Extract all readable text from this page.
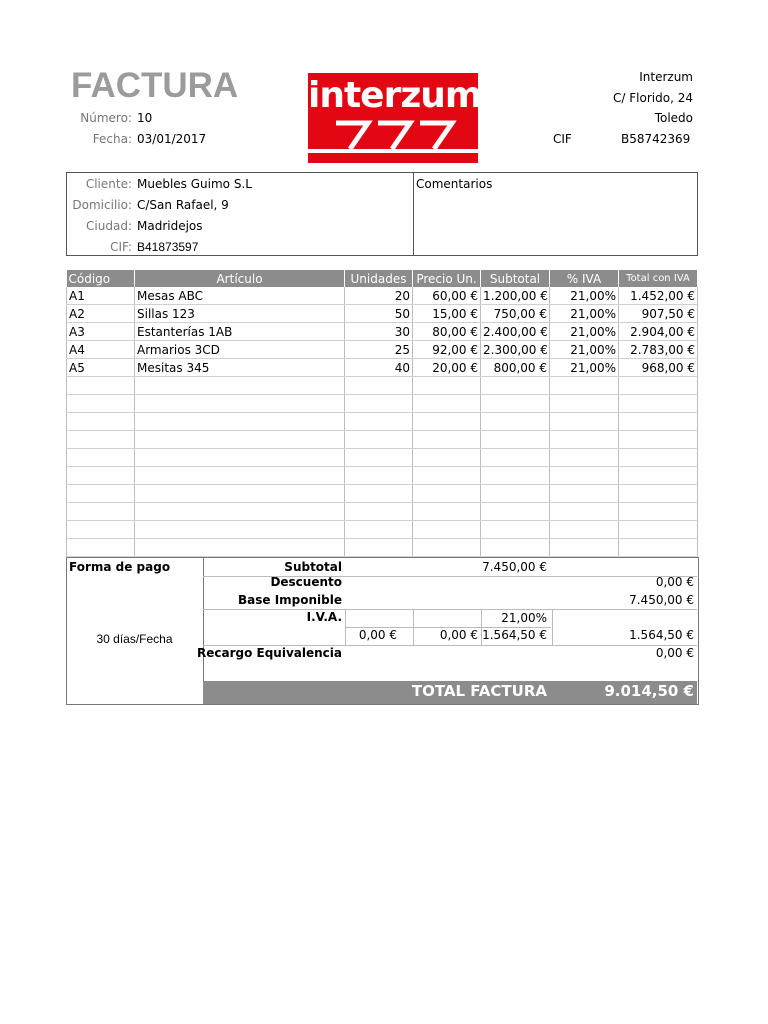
FACTURA
Número: 10
Fecha: 03/01/2017
interzum	Interzum
C/ Florido, 24
Toledo
CIF	B58742369
Cliente: Muebles Guimo S.L
Domicilio: C/San Rafael, 9
Ciudad: Madridejos
CIF: B41873597
Comentarios
Código	Artículo	Unidades	Precio Un.	Subtotal	% IVA	Total con IVA
A1	Mesas ABC	20	60,00 €	1.200,00 €	21,00%	1.452,00 €
A2	Sillas 123	50	15,00 €	750,00 €	21,00%	907,50 €
A3	Estanterías 1AB	30	80,00 €	2.400,00 €	21,00%	2.904,00 €
A4	Armarios 3CD	25	92,00 €	2.300,00 €	21,00%	2.783,00 €
A5	Mesitas 345	40	20,00 €	800,00 €	21,00%	968,00 €

Forma de pago
30 días/Fecha
Subtotal	7.450,00 €
Descuento	0,00 €
Base Imponible	7.450,00 €
I.V.A.	21,00%
0,00 €	0,00 € 1.564,50 €	1.564,50 €
Recargo Equivalencia	0,00 €
TOTAL FACTURA	9.014,50 €
